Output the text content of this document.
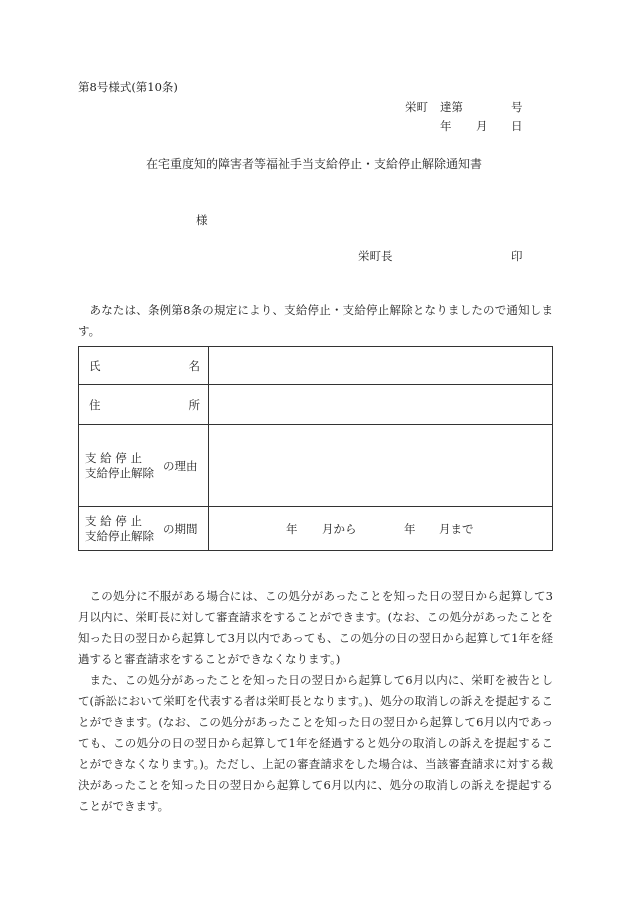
第8号様式(第10条)
栄町 達第	号
年 月 日
在宅重度知的障害者等福祉手当支給停止・支給停止解除通知書
様
栄町長	印

あなたは、条例第8条の規定により、支給停止・支給停止解除となりましたので通知します。

氏 名	

住 所	

支 給 停 止
支給停止解除 の理由	

支 給 停 止
支給停止解除 の期間	年 月から 年 月まで

この処分に不服がある場合には、この処分があったことを知った日の翌日から起算して3月以内に、栄町長に対して審査請求をすることができます。(なお、この処分があったことを知った日の翌日から起算して3月以内であっても、この処分の日の翌日から起算して1年を経過すると審査請求をすることができなくなります。)

また、この処分があったことを知った日の翌日から起算して6月以内に、栄町を被告として(訴訟において栄町を代表する者は栄町長となります。)、処分の取消しの訴えを提起することができます。(なお、この処分があったことを知った日の翌日から起算して6月以内であっても、この処分の日の翌日から起算して1年を経過すると処分の取消しの訴えを提起することができなくなります。)。ただし、上記の審査請求をした場合は、当該審査請求に対する裁決があったことを知った日の翌日から起算して6月以内に、処分の取消しの訴えを提起することができます。
